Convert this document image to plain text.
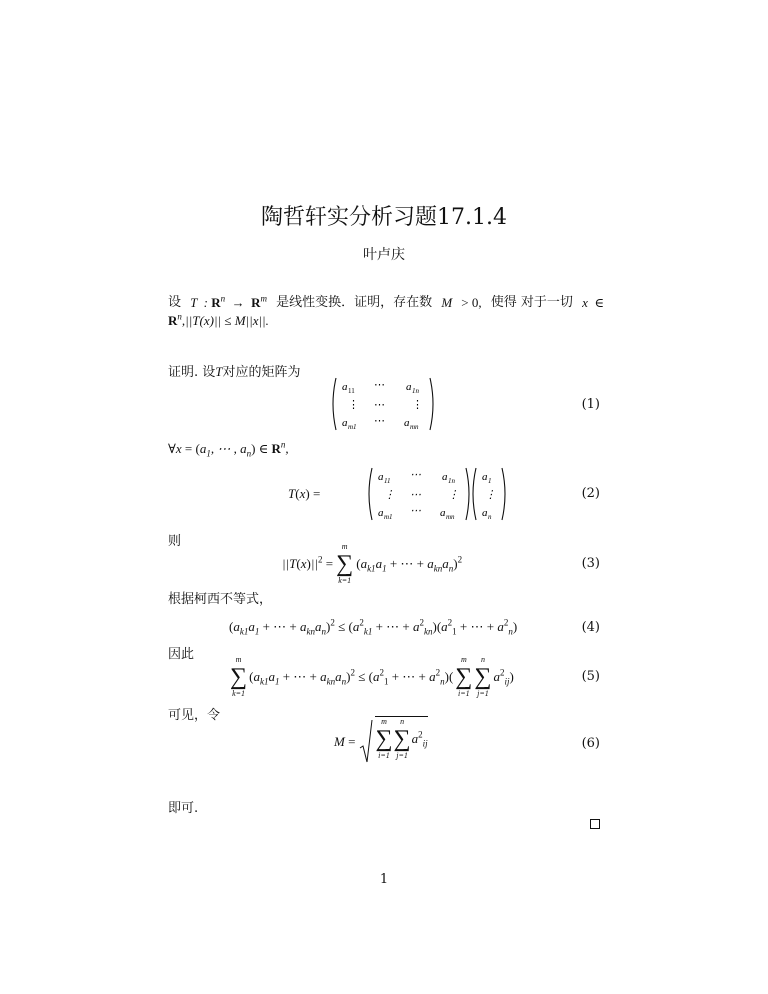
陶哲轩实分析习题17.1.4
叶卢庆
设 T  : $R^n \to R^m$ 是线性变换．证明，存在数 M > 0, 使得 对于一切 x  ∈
$R^n,||T(x)|| \le M||x||$.
证明. 设T对应的矩阵为
a 11 ⋯ a 1n
⋮ ⋯ ⋮
a m1 ⋯ a mn
(1)
∀x = ($a_1$, ⋯ , $a_n$) ∈ $R^n$,
T(x) =
a 11 ⋯ a 1n
⋮ ⋯ ⋮
a m1 ⋯ a mn
a 1
⋮
a n
(2)
则
$||T(x)||^2$ =
m
∑
k=1
($a_{k1}a_1$ + ⋯ + $a_{kn}a_n)^2$	(3)
根据柯西不等式，
($a_{k1}a_1$ + ⋯ + $a_{kn}a_n)^2 \le (a^2_{k1}$ + ⋯ + $a^2_{kn})(a^2_1$ + ⋯ + $a^2_n$)	(4)
因此	m
∑
k=1
($a_{k1}a_1$ + ⋯ + $a_{kn}a_n)^2 \le (a^2_1$ + ⋯ + $a^2_n$)(
m
∑
i=1
n
∑
j=1
$a^2_{ij}$)	(5)
可见，令
M =
m
∑
i=1
n
∑
j=1
$a^2_{ij}$	(6)
即可.
1
